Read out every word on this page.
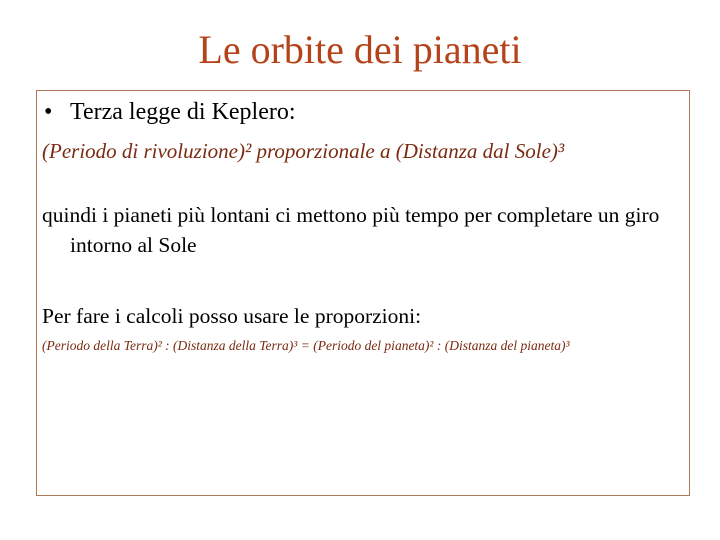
Le orbite dei pianeti
• Terza legge di Keplero:
(Periodo di rivoluzione)² proporzionale a (Distanza dal Sole)³
quindi i pianeti più lontani ci mettono più tempo per completare un giro intorno al Sole
Per fare i calcoli posso usare le proporzioni:
(Periodo della Terra)² : (Distanza della Terra)³ = (Periodo del pianeta)² : (Distanza del pianeta)³
